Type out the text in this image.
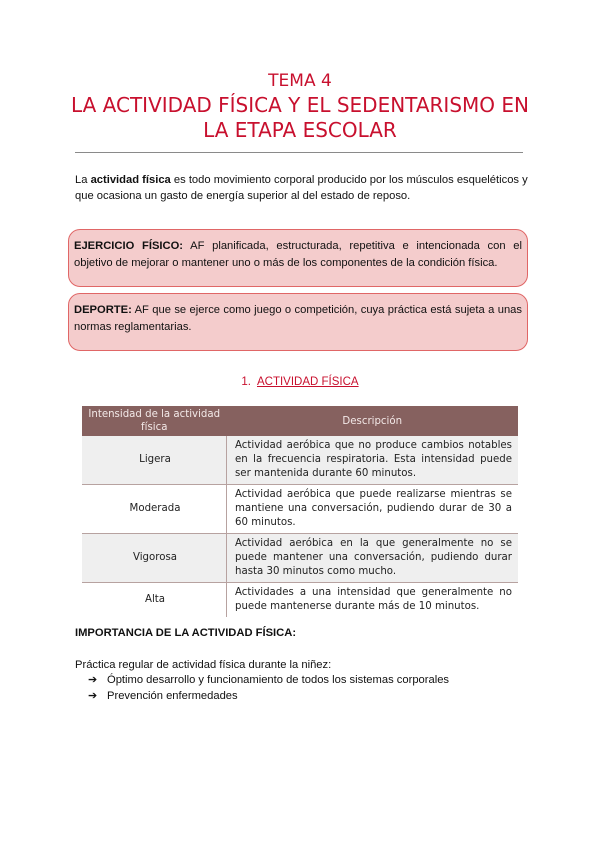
TEMA 4
LA ACTIVIDAD FÍSICA Y EL SEDENTARISMO EN
LA ETAPA ESCOLAR

La actividad física es todo movimiento corporal producido por los músculos esqueléticos y que ocasiona un gasto de energía superior al del estado de reposo.

EJERCICIO FÍSICO: AF planificada, estructurada, repetitiva e intencionada con el objetivo de mejorar o mantener uno o más de los componentes de la condición física.
DEPORTE: AF que se ejerce como juego o competición, cuya práctica está sujeta a unas normas reglamentarias.
1. ACTIVIDAD FÍSICA
Intensidad de la actividad física	Descripción
Ligera	Actividad aeróbica que no produce cambios notables en la frecuencia respiratoria. Esta intensidad puede ser mantenida durante 60 minutos.
Moderada	Actividad aeróbica que puede realizarse mientras se mantiene una conversación, pudiendo durar de 30 a 60 minutos.
Vigorosa	Actividad aeróbica en la que generalmente no se puede mantener una conversación, pudiendo durar hasta 30 minutos como mucho.
Alta	Actividades a una intensidad que generalmente no puede mantenerse durante más de 10 minutos.
IMPORTANCIA DE LA ACTIVIDAD FÍSICA:
Práctica regular de actividad física durante la niñez:
➔ Óptimo desarrollo y funcionamiento de todos los sistemas corporales
➔ Prevención enfermedades
